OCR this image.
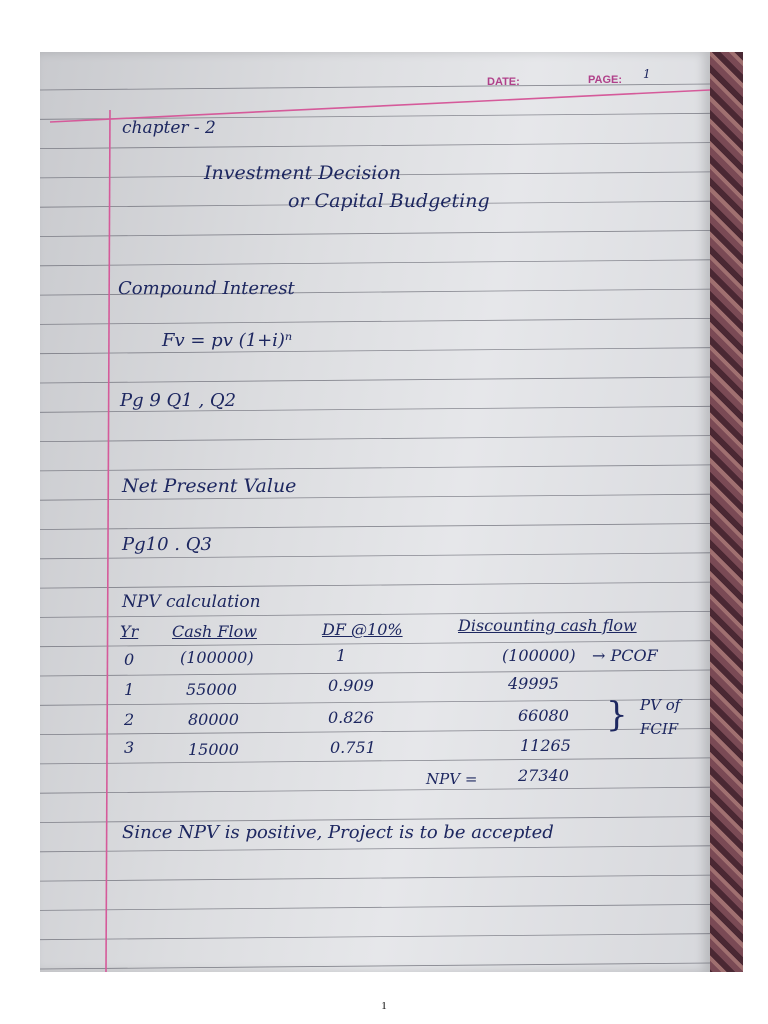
DATE:	PAGE: 1
chapter - 2
Investment Decision
or Capital Budgeting
Compound Interest
Fv = pv (1+i)ⁿ
Pg 9 Q1 , Q2
Net Present Value
Pg10 . Q3
NPV calculation
Yr Cash Flow	DF @10%	Discounting cash flow
0	(100000)	1	(100000) → PCOF
1	55000	0.909	49995
2	80000	0.826	66080
3	15000	0.751	11265
} PV of
FCIF
NPV =	27340
Since NPV is positive, Project is to be accepted
1
